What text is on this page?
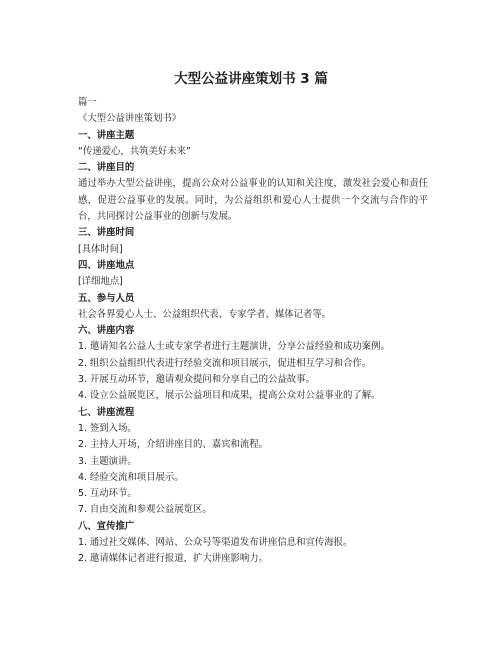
大型公益讲座策划书 3 篇

篇一

《大型公益讲座策划书》

一、讲座主题

“传递爱心，共筑美好未来”

二、讲座目的

通过举办大型公益讲座，提高公众对公益事业的认知和关注度，激发社会爱心和责任感，促进公益事业的发展。同时，为公益组织和爱心人士提供一个交流与合作的平台，共同探讨公益事业的创新与发展。

三、讲座时间

[具体时间]

四、讲座地点

[详细地点]

五、参与人员

社会各界爱心人士、公益组织代表、专家学者、媒体记者等。

六、讲座内容

1. 邀请知名公益人士或专家学者进行主题演讲，分享公益经验和成功案例。

2. 组织公益组织代表进行经验交流和项目展示，促进相互学习和合作。

3. 开展互动环节，邀请观众提问和分享自己的公益故事。

4. 设立公益展览区，展示公益项目和成果，提高公众对公益事业的了解。

七、讲座流程

1. 签到入场。

2. 主持人开场，介绍讲座目的、嘉宾和流程。

3. 主题演讲。

4. 经验交流和项目展示。

5. 互动环节。

7. 自由交流和参观公益展览区。

八、宣传推广

1. 通过社交媒体、网站、公众号等渠道发布讲座信息和宣传海报。

2. 邀请媒体记者进行报道，扩大讲座影响力。
